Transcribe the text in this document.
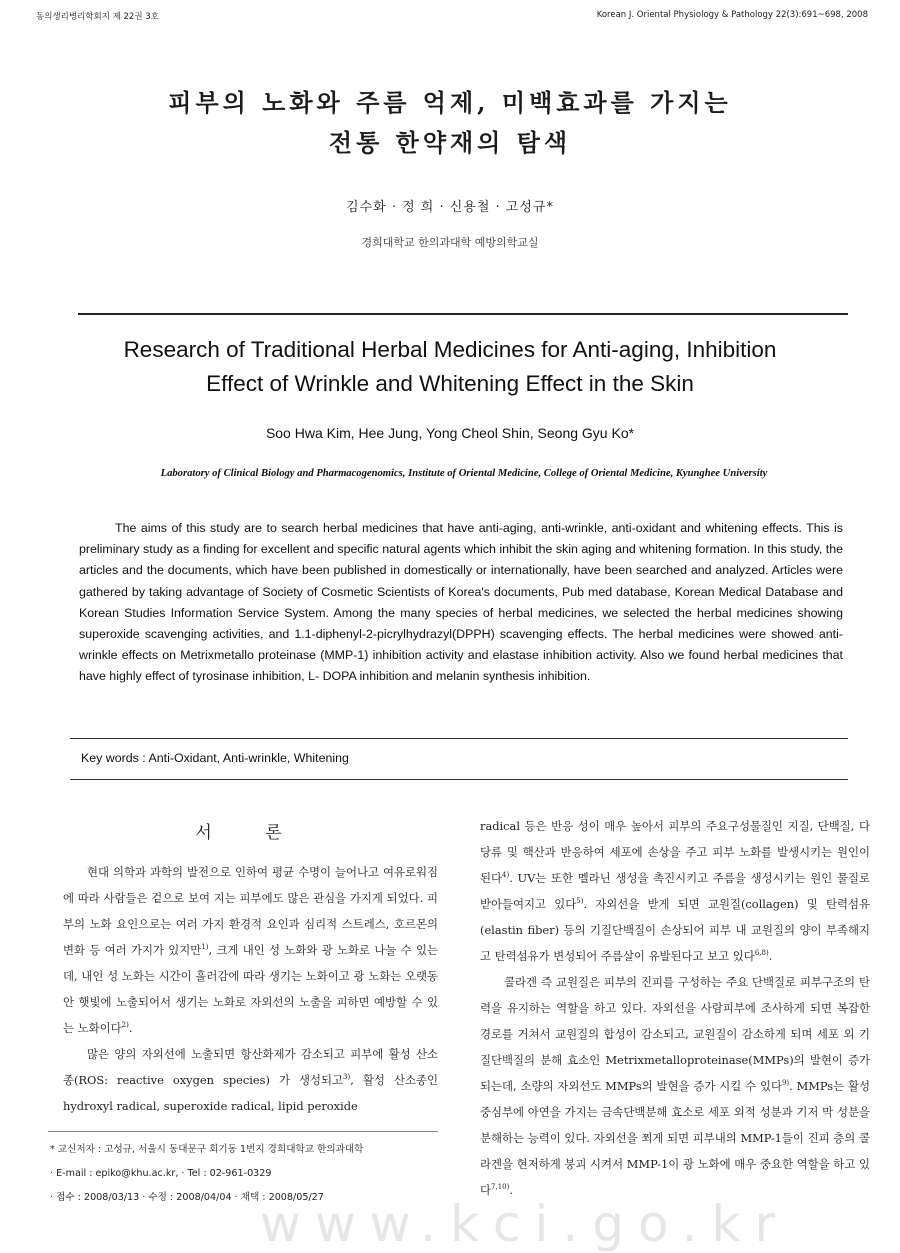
동의생리병리학회지 제 22권 3호	Korean J. Oriental Physiology & Pathology 22(3):691~698, 2008
피부의 노화와 주름 억제, 미백효과를 가지는
전통 한약재의 탐색
김수화 · 정 희 · 신용철 · 고성규*
경희대학교 한의과대학 예방의학교실
Research of Traditional Herbal Medicines for Anti-aging, Inhibition
Effect of Wrinkle and Whitening Effect in the Skin
Soo Hwa Kim, Hee Jung, Yong Cheol Shin, Seong Gyu Ko*
Laboratory of Clinical Biology and Pharmacogenomics, Institute of Oriental Medicine, College of Oriental Medicine, Kyunghee University

The aims of this study are to search herbal medicines that have anti-aging, anti-wrinkle, anti-oxidant and whitening effects. This is preliminary study as a finding for excellent and specific natural agents which inhibit the skin aging and whitening formation. In this study, the articles and the documents, which have been published in domestically or internationally, have been searched and analyzed. Articles were gathered by taking advantage of Society of Cosmetic Scientists of Korea's documents, Pub med database, Korean Medical Database and Korean Studies Information Service System. Among the many species of herbal medicines, we selected the herbal medicines showing superoxide scavenging activities, and 1.1-diphenyl-2-picrylhydrazyl(DPPH) scavenging effects. The herbal medicines were showed anti-wrinkle effects on Metrixmetallo proteinase (MMP-1) inhibition activity and elastase inhibition activity. Also we found herbal medicines that have highly effect of tyrosinase inhibition, L- DOPA inhibition and melanin synthesis inhibition.

Key words : Anti-Oxidant, Anti-wrinkle, Whitening
서 론

현대 의학과 과학의 발전으로 인하여 평균 수명이 늘어나고 여유로워짐에 따라 사람들은 겉으로 보여 지는 피부에도 많은 관심을 가지게 되었다. 피부의 노화 요인으로는 여러 가지 환경적 요인과 심리적 스트레스, 호르몬의 변화 등 여러 가지가 있지만$^{1)}$, 크게 내인 성 노화와 광 노화로 나눌 수 있는데, 내인 성 노화는 시간이 흘러감에 따라 생기는 노화이고 광 노화는 오랫동안 햇빛에 노출되어서 생기는 노화로 자외선의 노출을 피하면 예방할 수 있는 노화이다$^{2)}$.

많은 양의 자외선에 노출되면 항산화제가 감소되고 피부에 활성 산소 종(ROS: reactive oxygen species) 가 생성되고$^{3)}$, 활성 산소종인 hydroxyl radical, superoxide radical, lipid peroxide

radical 등은 반응 성이 매우 높아서 피부의 주요구성물질인 지질, 단백질, 다당류 및 핵산과 반응하여 세포에 손상을 주고 피부 노화를 발생시키는 원인이 된다$^{4)}$. UV는 또한 멜라닌 생성을 촉진시키고 주름을 생성시키는 원인 물질로 받아들여지고 있다$^{5)}$. 자외선을 받게 되면 교원질(collagen) 및 탄력섬유(elastin fiber) 등의 기질단백질이 손상되어 피부 내 교원질의 양이 부족해지고 탄력섬유가 변성되어 주름살이 유발된다고 보고 있다$^{6,8)}$.

콜라겐 즉 교원질은 피부의 진피를 구성하는 주요 단백질로 피부구조의 탄력을 유지하는 역할을 하고 있다. 자외선을 사람피부에 조사하게 되면 복잡한 경로를 거쳐서 교원질의 합성이 감소되고, 교원질이 감소하게 되며 세포 외 기질단백질의 분해 효소인 Metrixmetalloproteinase(MMPs)의 발현이 증가되는데, 소량의 자외선도 MMPs의 발현을 증가 시킬 수 있다$^{9)}$. MMPs는 활성 중심부에 아연을 가지는 금속단백분해 효소로 세포 외적 성분과 기저 막 성분을 분해하는 능력이 있다. 자외선을 쬐게 되면 피부내의 MMP-1들이 진피 층의 콜라겐을 현저하게 붕괴 시켜서 MMP-1이 광 노화에 매우 중요한 역할을 하고 있다$^{7,10)}$.

* 교신저자 : 고성규, 서울시 동대문구 회기동 1번지 경희대학교 한의과대학
· E-mail : epiko@khu.ac.kr, · Tel : 02-961-0329
· 접수 : 2008/03/13 · 수정 : 2008/04/04 · 채택 : 2008/05/27
www.kci.go.kr
